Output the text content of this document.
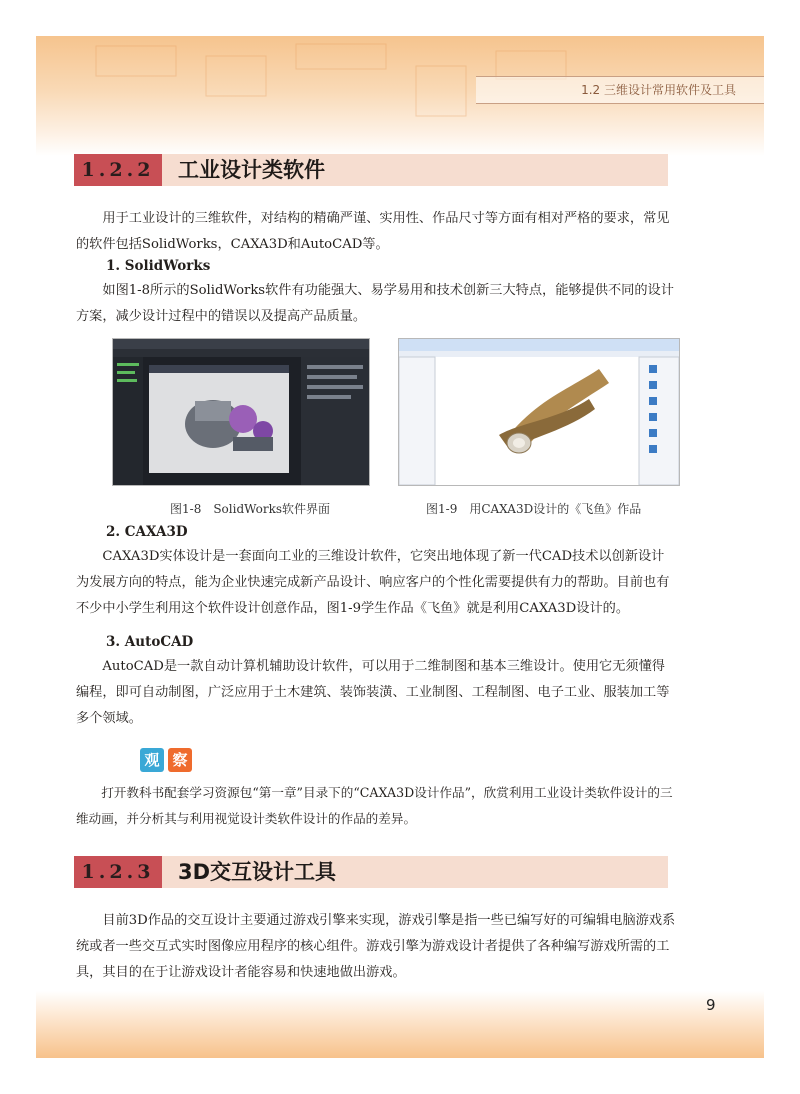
1.2 三维设计常用软件及工具
1.2.2	工业设计类软件

用于工业设计的三维软件，对结构的精确严谨、实用性、作品尺寸等方面有相对严格的要求，常见的软件包括SolidWorks，CAXA3D和AutoCAD等。

1. SolidWorks

如图1-8所示的SolidWorks软件有功能强大、易学易用和技术创新三大特点，能够提供不同的设计方案，减少设计过程中的错误以及提高产品质量。

图1-8　SolidWorks软件界面	图1-9　用CAXA3D设计的《飞鱼》作品
2. CAXA3D

CAXA3D实体设计是一套面向工业的三维设计软件，它突出地体现了新一代CAD技术以创新设计为发展方向的特点，能为企业快速完成新产品设计、响应客户的个性化需要提供有力的帮助。目前也有不少中小学生利用这个软件设计创意作品，图1-9学生作品《飞鱼》就是利用CAXA3D设计的。

3. AutoCAD

AutoCAD是一款自动计算机辅助设计软件，可以用于二维制图和基本三维设计。使用它无须懂得编程，即可自动制图，广泛应用于土木建筑、装饰装潢、工业制图、工程制图、电子工业、服装加工等多个领域。

观 察

打开教科书配套学习资源包“第一章”目录下的“CAXA3D设计作品”，欣赏利用工业设计类软件设计的三维动画，并分析其与利用视觉设计类软件设计的作品的差异。

1.2.3	3D交互设计工具

目前3D作品的交互设计主要通过游戏引擎来实现，游戏引擎是指一些已编写好的可编辑电脑游戏系统或者一些交互式实时图像应用程序的核心组件。游戏引擎为游戏设计者提供了各种编写游戏所需的工具，其目的在于让游戏设计者能容易和快速地做出游戏。

9
